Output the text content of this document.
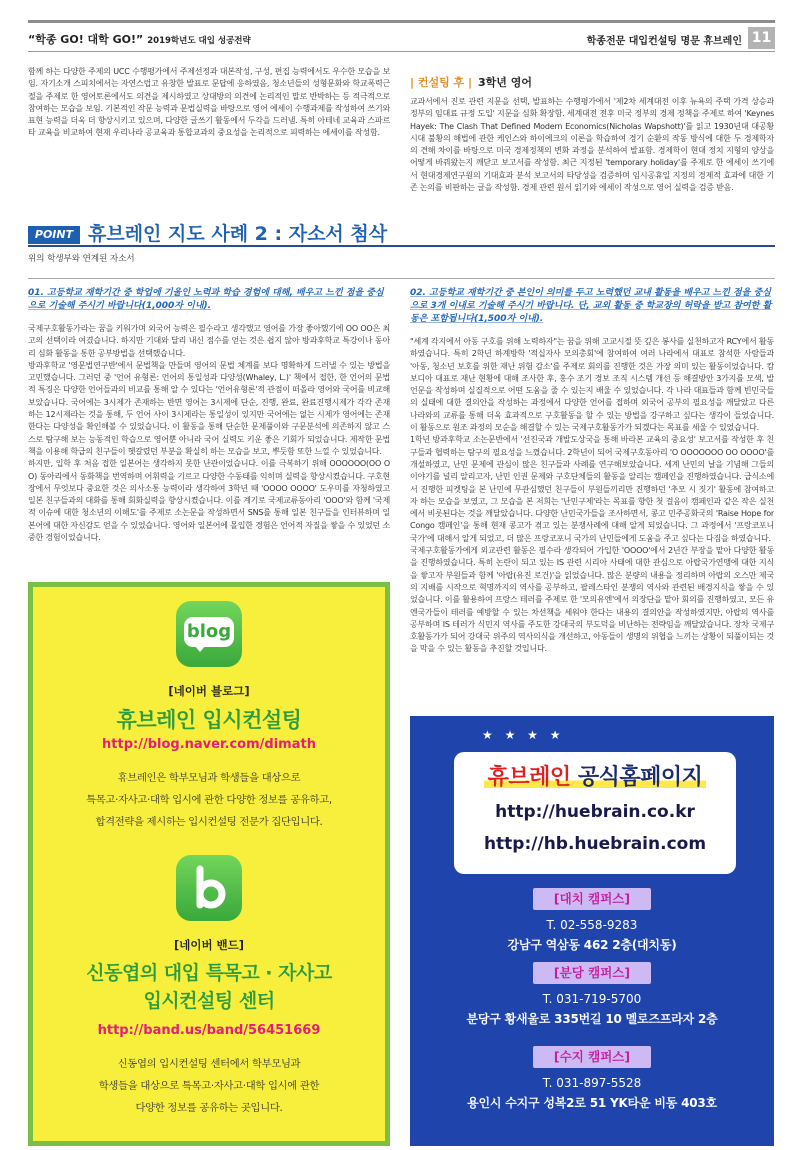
“학종 GO! 대학 GO!” 2019학년도 대입 성공전략	학종전문 대입컨설팅 명문 휴브레인 11
함께 하는 다양한 주제의 UCC 수행평가에서 주제선정과 대본작성, 구성, 편집 능력에서도 우수한 모습을 보임. 자기소개 스피치에서는 자연스럽고 유창한 발표로 문답에 응하였음, 청소년들의 성형문화와 학교폭력근절을 주제로 한 영어토론에서도 의견을 제시하였고 상대방의 의견에 논리적인 말로 반박하는 등 적극적으로 참여하는 모습을 보임. 기본적인 작문 능력과 문법실력을 바탕으로 영어 에세이 수행과제를 작성하여 쓰기와 표현 능력을 더욱 더 향상시키고 있으며, 다양한 글쓰기 활동에서 두각을 드러냄. 특히 아테네 교육과 스파르타 교육을 비교하여 현재 우리나라 공교육과 통합교과의 중요성을 논리적으로 피력하는 에세이를 작성함.
| 컨설팅 후 | 3학년 영어
교과서에서 진로 관련 지문을 선택, 발표하는 수행평가에서 '제2차 세계대전 이후 뉴욕의 주택 가격 상승과 정부의 임대료 규정 도입' 지문을 심화 확장함. 세계대전 전후 미국 정부의 경제 정책을 주제로 하여 'Keynes Hayek: The Clash That Defined Modern Economics(Nicholas Wapshott)'를 읽고 1930년대 대공황 시대 불황의 해법에 관한 케인스와 하이에크의 이론을 학습하여 경기 순환의 작동 방식에 대한 두 경제학자의 견해 차이를 바탕으로 미국 경제정책의 변화 과정을 분석하여 발표함. 경제학이 현대 정치 지형의 양상을 어떻게 바꿔왔는지 깨닫고 보고서를 작성함. 최근 지정된 'temporary holiday'를 주제로 한 에세이 쓰기에서 현대경제연구원의 기대효과 분석 보고서의 타당성을 검증하며 임시공휴일 지정의 경제적 효과에 대한 기존 논의를 비판하는 글을 작성함. 경제 관련 원서 읽기와 에세이 작성으로 영어 실력을 검증 받음.
POINT 휴브레인 지도 사례 2 : 자소서 첨삭
위의 학생부와 연계된 자소서
01. 고등학교 재학기간 중 학업에 기울인 노력과 학습 경험에 대해, 배우고 느낀 점을 중심으로 기술해 주시기 바랍니다(1,000자 이내).

국제구호활동가라는 꿈을 키워가며 외국어 능력은 필수라고 생각했고 영어를 가장 좋아했기에 OO OO은 최고의 선택이라 여겼습니다. 하지만 기대와 달리 내신 점수를 얻는 것은 쉽지 않아 방과후학교 특강이나 동아리 심화 활동을 통한 공부방법을 선택했습니다.

방과후학교 '영문법연구반'에서 문법책을 만들며 영어의 문법 체계를 보다 명확하게 드러낼 수 있는 방법을 고민했습니다. 그러던 중 '언어 유형론: 언어의 통일성과 다양성(Whaley, L.)' 책에서 접한, 한 언어의 문법적 특징은 다양한 언어들과의 비교를 통해 알 수 있다는 '언어유형론'적 관점이 떠올라 영어와 국어를 비교해보았습니다. 국어에는 3시제가 존재하는 반면 영어는 3시제에 단순, 진행, 완료, 완료진행시제가 각각 존재하는 12시제라는 것을 통해, 두 언어 사이 3시제라는 통일성이 있지만 국어에는 없는 시제가 영어에는 존재한다는 다양성을 확인해볼 수 있었습니다. 이 활동을 통해 단순한 문제풀이와 구문분석에 의존하지 않고 스스로 탐구해 보는 능동적인 학습으로 영어뿐 아니라 국어 실력도 키운 좋은 기회가 되었습니다. 제작한 문법책을 이용해 학급의 친구들이 헷갈렸던 부분을 확실히 하는 모습을 보고, 뿌듯함 또한 느낄 수 있었습니다.

하지만, 입학 후 처음 접한 일본어는 생각하지 못한 난관이었습니다. 이를 극복하기 위해 OOOOOO(OO OO) 동아리에서 동화책을 번역하며 어휘력을 기르고 다양한 수동태를 익히며 실력을 향상시켰습니다. 구호현장에서 무엇보다 중요한 것은 의사소통 능력이라 생각하여 3학년 때 'OOOO OOOO' 도우미를 자청하였고 일본 친구들과의 대화를 통해 회화실력을 향상시켰습니다. 이를 계기로 국제교류동아리 'OOO'와 함께 '국제적 이슈에 대한 청소년의 이해도'를 주제로 소논문을 작성하면서 SNS를 통해 일본 친구들을 인터뷰하며 일본어에 대한 자신감도 얻을 수 있었습니다. 영어와 일본어에 몰입한 경험은 언어적 자질을 쌓을 수 있었던 소중한 경험이었습니다.

02. 고등학교 재학기간 중 본인이 의미를 두고 노력했던 교내 활동을 배우고 느낀 점을 중심으로 3개 이내로 기술해 주시기 바랍니다. 단, 교외 활동 중 학교장의 허락을 받고 참여한 활동은 포함됩니다(1,500자 이내).

"세계 각지에서 아동 구호를 위해 노력하자"는 꿈을 위해 고교시절 뜻 깊은 봉사를 실천하고자 RCY에서 활동하였습니다. 특히 2학년 하계방학 '적십자사 모의총회'에 참여하여 여러 나라에서 대표로 참석한 사람들과 '아동, 청소년 보호를 위한 재난 위험 감소'를 주제로 회의를 진행한 것은 가장 의미 있는 활동이었습니다. 캄보디아 대표로 재난 현황에 대해 조사한 후, 홍수 조기 경보 조직 시스템 개선 등 해결방안 3가지를 모색, 발언문을 작성하며 실질적으로 어떤 도움을 줄 수 있는지 배울 수 있었습니다. 각 나라 대표들과 함께 빈민국들의 실태에 대한 결의안을 작성하는 과정에서 다양한 언어를 접하며 외국어 공부의 필요성을 깨달았고 다른 나라와의 교류를 통해 더욱 효과적으로 구호활동을 할 수 있는 방법을 강구하고 싶다는 생각이 들었습니다. 이 활동으로 원조 과정의 모순을 해결할 수 있는 국제구호활동가가 되겠다는 목표를 세울 수 있었습니다.

1학년 방과후학교 소논문반에서 '선진국과 개발도상국을 통해 바라본 교육의 중요성' 보고서를 작성한 후 친구들과 협력하는 탐구의 필요성을 느꼈습니다. 2학년이 되어 국제구호동아리 'O OOOOOOO OO OOOO'를 개설하였고, 난민 문제에 관심이 많은 친구들과 사례를 연구해보았습니다. 세계 난민의 날을 기념해 그들의 이야기를 널리 알리고자, 난민 인권 문제와 구호단체들의 활동을 알리는 캠페인을 진행하였습니다. 급식소에서 진행한 피켓팅을 본 난민에 무관심했던 친구들이 부원들끼리만 진행하던 '추모 시 짓기' 활동에 참여하고자 하는 모습을 보였고, 그 모습을 본 저희는 '난민구제'라는 목표를 향한 첫 걸음이 캠페인과 같은 작은 실천에서 비롯된다는 것을 깨달았습니다. 다양한 난민국가들을 조사하면서, 콩고 민주공화국의 'Raise Hope for Congo 캠페인'을 통해 현재 콩고가 겪고 있는 분쟁사례에 대해 알게 되었습니다. 그 과정에서 '프랑코포니 국가'에 대해서 알게 되었고, 더 많은 프랑코포니 국가의 난민들에게 도움을 주고 싶다는 다짐을 하였습니다.

국제구호활동가에게 외교관련 활동은 필수라 생각되어 가입한 'OOOO'에서 2년간 부장을 맡아 다양한 활동을 진행하였습니다. 특히 논란이 되고 있는 IS 관련 시리아 사태에 대한 관심으로 아랍국가연맹에 대한 지식을 쌓고자 부원들과 함께 '아랍(유진 로건)'을 읽었습니다. 많은 분량의 내용을 정리하며 아랍의 오스만 제국의 지배를 시작으로 혁명까지의 역사를 공부하고, 팔레스타인 분쟁의 역사와 관련된 배경지식을 쌓을 수 있었습니다. 이를 활용하여 프랑스 테러를 주제로 한 '모의유엔'에서 의장단을 맡아 회의를 진행하였고, 모든 유엔국가들이 테러를 예방할 수 있는 차선책을 세워야 한다는 내용의 결의안을 작성하였지만, 아랍의 역사를 공부하며 IS 테러가 식민지 역사를 주도한 강대국의 부도덕을 비난하는 전략임을 깨달았습니다. 장차 국제구호활동가가 되어 강대국 위주의 역사의식을 개선하고, 아동들이 생명의 위협을 느끼는 상황이 되풀이되는 것을 막을 수 있는 활동을 추진할 것입니다.

blog
[네이버 블로그]
휴브레인 입시컨설팅
http://blog.naver.com/dimath
휴브레인은 학부모님과 학생들을 대상으로
특목고·자사고·대학 입시에 관한 다양한 정보를 공유하고,
합격전략을 제시하는 입시컨설팅 전문가 집단입니다.
[네이버 밴드]
신동엽의 대입 특목고 · 자사고
입시컨설팅 센터
http://band.us/band/56451669
신동엽의 입시컨설팅 센터에서 학부모님과
학생들을 대상으로 특목고·자사고·대학 입시에 관한
다양한 정보를 공유하는 곳입니다.
★ ★ ★ ★
휴브레인 공식홈페이지
http://huebrain.co.kr
http://hb.huebrain.com
[대치 캠퍼스]
T. 02-558-9283
강남구 역삼동 462 2층(대치동)
[분당 캠퍼스]
T. 031-719-5700
분당구 황새울로 335번길 10 멜로즈프라자 2층
[수지 캠퍼스]
T. 031-897-5528
용인시 수지구 성복2로 51 YK타운 비동 403호
